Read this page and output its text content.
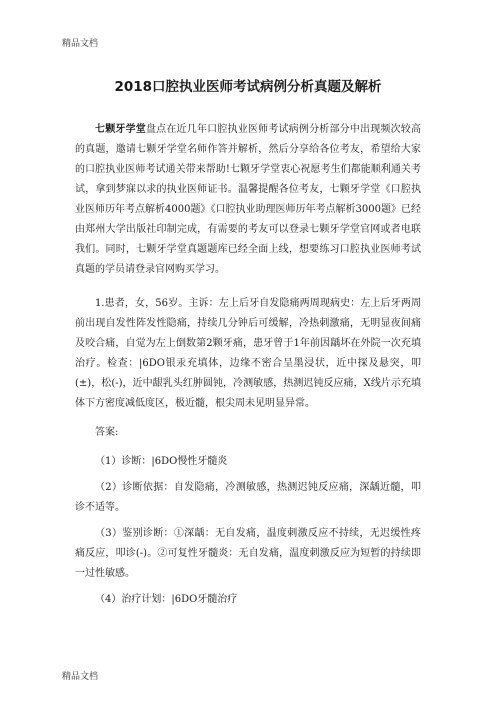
精品文档
2018口腔执业医师考试病例分析真题及解析

七颗牙学堂盘点在近几年口腔执业医师考试病例分析部分中出现频次较高的真题，邀请七颗牙学堂名师作答并解析，然后分享给各位考友，希望给大家的口腔执业医师考试通关带来帮助!七颗牙学堂衷心祝愿考生们都能顺利通关考试，拿到梦寐以求的执业医师证书。温馨提醒各位考友，七颗牙学堂《口腔执业医师历年考点解析4000题》《口腔执业助理医师历年考点解析3000题》已经由郑州大学出版社印制完成，有需要的考友可以登录七颗牙学堂官网或者电联我们。同时，七颗牙学堂真题题库已经全面上线，想要练习口腔执业医师考试真题的学员请登录官网购买学习。

1.患者，女，56岁。主诉：左上后牙自发隐痛两周现病史：左上后牙两周前出现自发性阵发性隐痛，持续几分钟后可缓解，冷热刺激痛，无明显夜间痛及咬合痛，自觉为左上倒数第2颗牙痛，患牙曾于1年前因龋坏在外院一次充填治疗。检查：|6DO银汞充填体，边缘不密合呈墨浸状，近中探及悬突，叩(±)，松(-)，近中龈乳头红肿圆钝，冷测敏感，热测迟钝反应痛，X线片示充填体下方密度减低度区，极近髓，根尖周未见明显异常。

答案:

（1）诊断：|6DO慢性牙髓炎

（2）诊断依据：自发隐痛，冷测敏感，热测迟钝反应痛，深龋近髓，叩诊不适等。

（3）鉴别诊断：①深龋：无自发痛，温度刺激反应不持续，无迟缓性疼痛反应，叩诊(-)。②可复性牙髓炎：无自发痛，温度刺激反应为短暂的持续即一过性敏感。

（4）治疗计划：|6DO牙髓治疗

精品文档
